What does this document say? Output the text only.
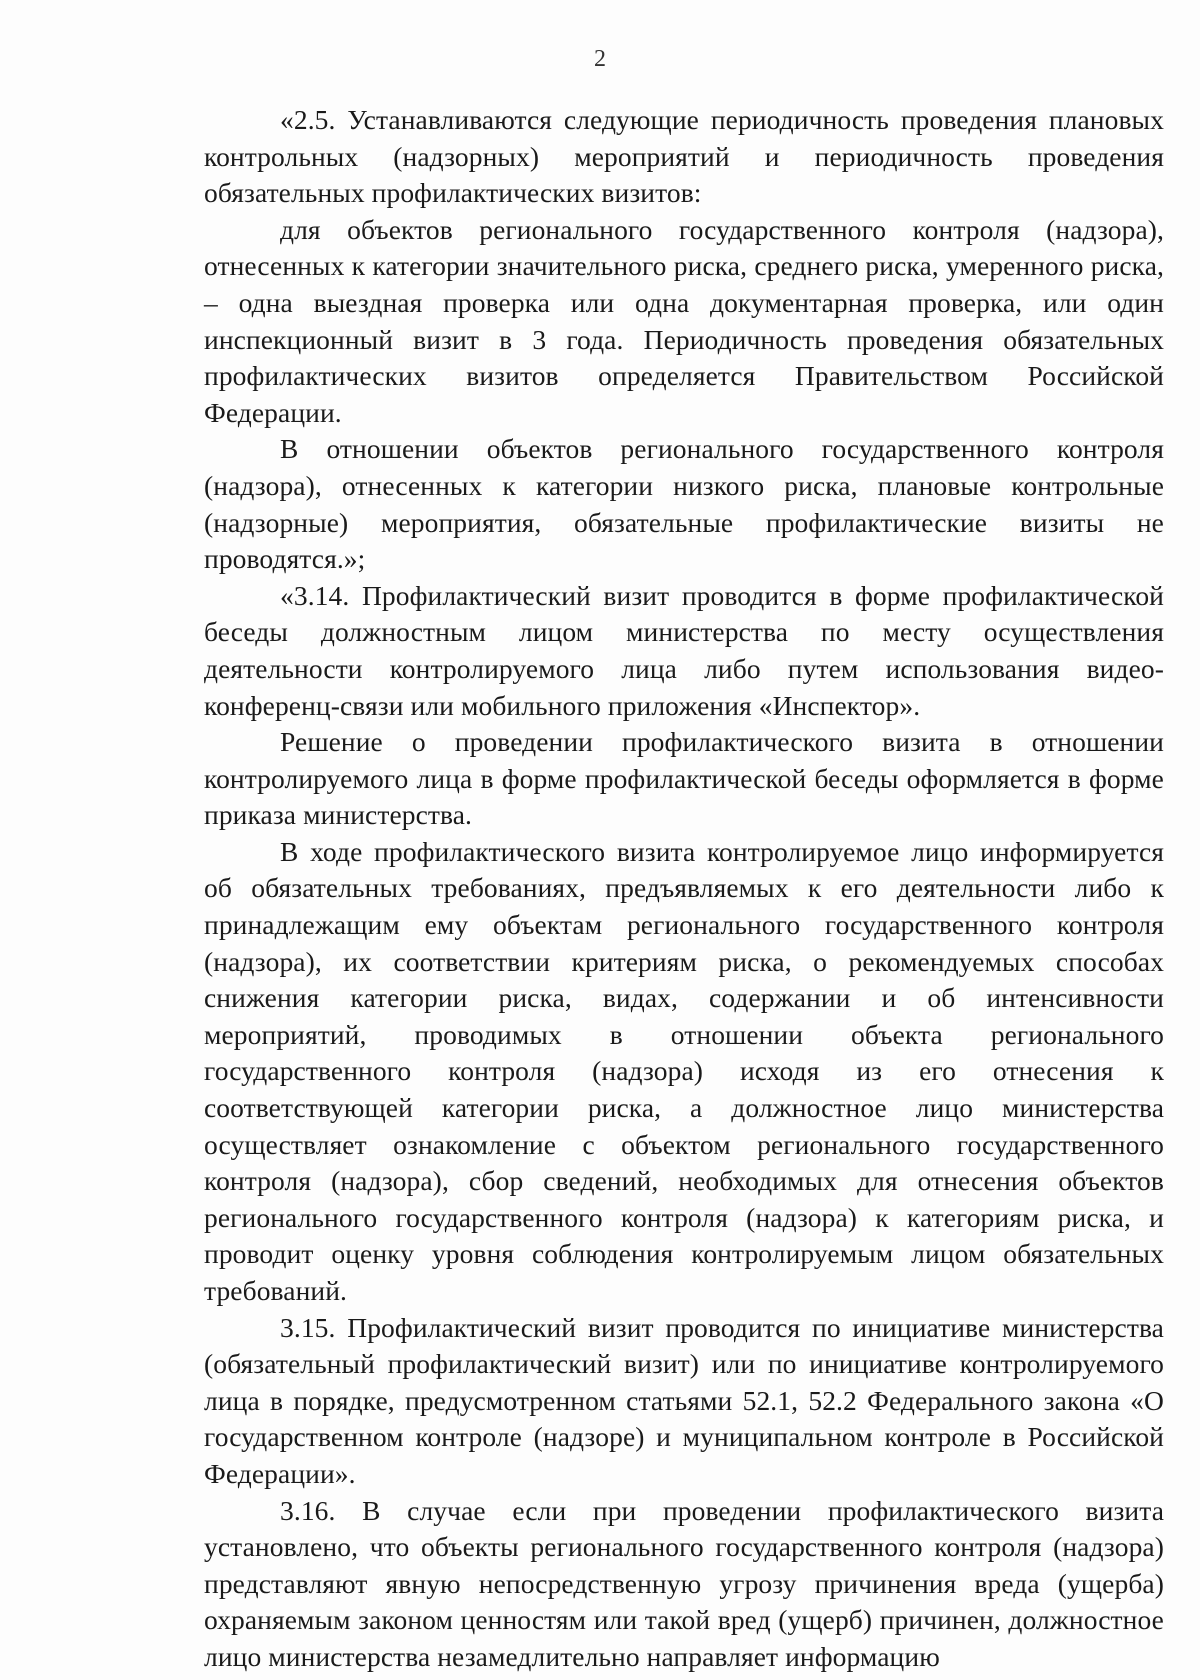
2

«2.5. Устанавливаются следующие периодичность проведения плановых контрольных (надзорных) мероприятий и периодичность проведения обязательных профилактических визитов:

для объектов регионального государственного контроля (надзора), отнесенных к категории значительного риска, среднего риска, умеренного риска, – одна выездная проверка или одна документарная проверка, или один инспекционный визит в 3 года. Периодичность проведения обязательных профилактических визитов определяется Правительством Российской Федерации.

В отношении объектов регионального государственного контроля (надзора), отнесенных к категории низкого риска, плановые контрольные (надзорные) мероприятия, обязательные профилактические визиты не проводятся.»;

«3.14. Профилактический визит проводится в форме профилактической беседы должностным лицом министерства по месту осуществления деятельности контролируемого лица либо путем использования видео-конференц-связи или мобильного приложения «Инспектор».

Решение о проведении профилактического визита в отношении контролируемого лица в форме профилактической беседы оформляется в форме приказа министерства.

В ходе профилактического визита контролируемое лицо информируется об обязательных требованиях, предъявляемых к его деятельности либо к принадлежащим ему объектам регионального государственного контроля (надзора), их соответствии критериям риска, о рекомендуемых способах снижения категории риска, видах, содержании и об интенсивности мероприятий, проводимых в отношении объекта регионального государственного контроля (надзора) исходя из его отнесения к соответствующей категории риска, а должностное лицо министерства осуществляет ознакомление с объектом регионального государственного контроля (надзора), сбор сведений, необходимых для отнесения объектов регионального государственного контроля (надзора) к категориям риска, и проводит оценку уровня соблюдения контролируемым лицом обязательных требований.

3.15. Профилактический визит проводится по инициативе министерства (обязательный профилактический визит) или по инициативе контролируемого лица в порядке, предусмотренном статьями 52.1, 52.2 Федерального закона «О государственном контроле (надзоре) и муниципальном контроле в Российской Федерации».

3.16. В случае если при проведении профилактического визита установлено, что объекты регионального государственного контроля (надзора) представляют явную непосредственную угрозу причинения вреда (ущерба) охраняемым законом ценностям или такой вред (ущерб) причинен, должностное лицо министерства незамедлительно направляет информацию
